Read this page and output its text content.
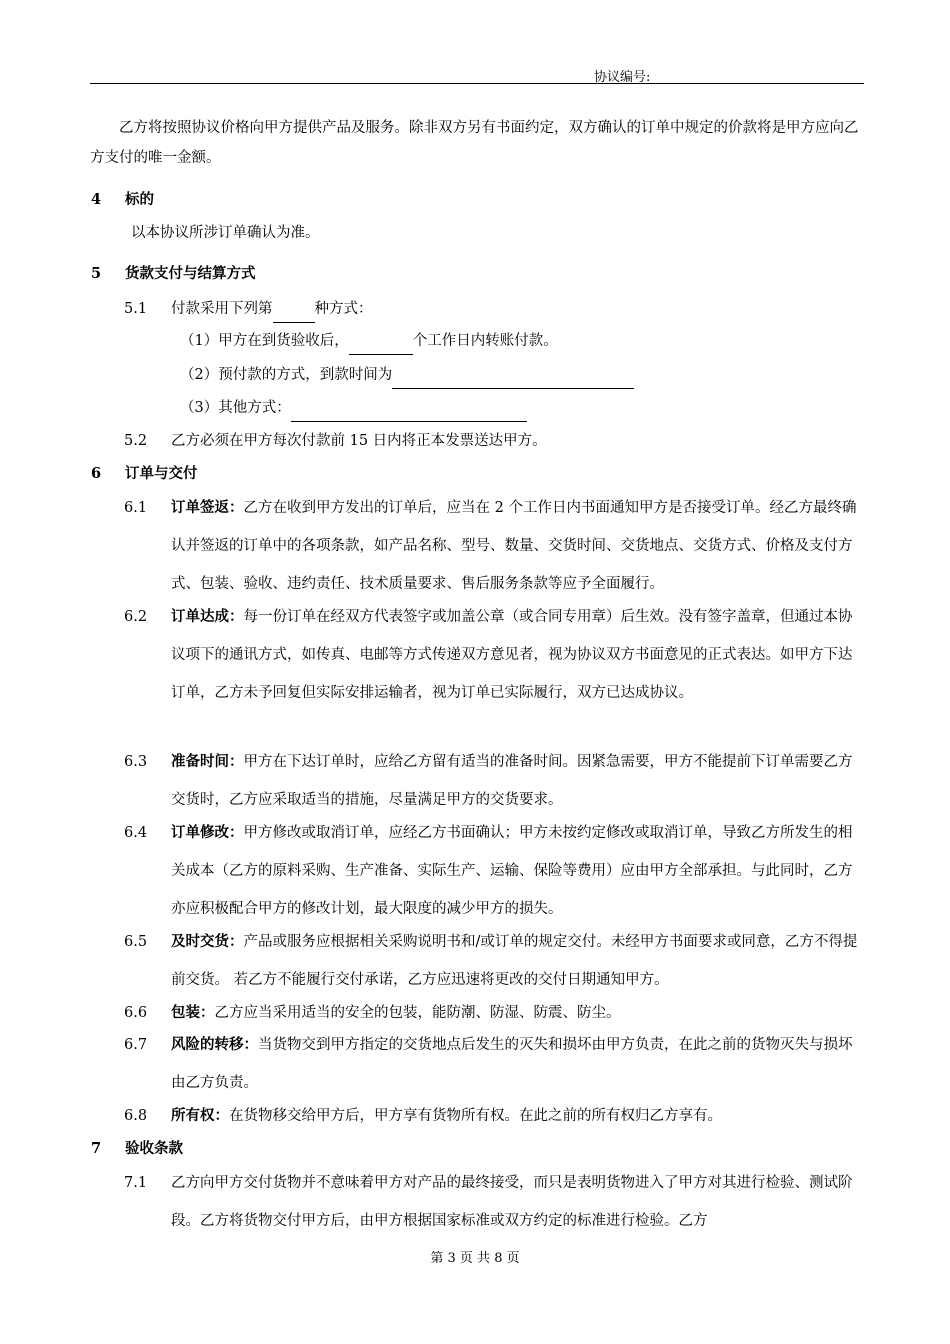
协议编号:
乙方将按照协议价格向甲方提供产品及服务。除非双方另有书面约定，双方确认的订单中规定的价款将是甲方应向乙方支付的唯一金额。
4 标的
以本协议所涉订单确认为准。
5 货款支付与结算方式
5.1 付款采用下列第	种方式：
（1）甲方在到货验收后，	个工作日内转账付款。
（2）预付款的方式，到款时间为
（3）其他方式：
5.2 乙方必须在甲方每次付款前 15 日内将正本发票送达甲方。
6 订单与交付
6.1 订单签返：乙方在收到甲方发出的订单后，应当在 2 个工作日内书面通知甲方是否接受订单。经乙方最终确认并签返的订单中的各项条款，如产品名称、型号、数量、交货时间、交货地点、交货方式、价格及支付方式、包装、验收、违约责任、技术质量要求、售后服务条款等应予全面履行。
6.2 订单达成：每一份订单在经双方代表签字或加盖公章（或合同专用章）后生效。没有签字盖章，但通过本协议项下的通讯方式，如传真、电邮等方式传递双方意见者，视为协议双方书面意见的正式表达。如甲方下达订单，乙方未予回复但实际安排运输者，视为订单已实际履行，双方已达成协议。
6.3 准备时间：甲方在下达订单时，应给乙方留有适当的准备时间。因紧急需要，甲方不能提前下订单需要乙方交货时，乙方应采取适当的措施，尽量满足甲方的交货要求。
6.4 订单修改：甲方修改或取消订单，应经乙方书面确认；甲方未按约定修改或取消订单，导致乙方所发生的相关成本（乙方的原料采购、生产准备、实际生产、运输、保险等费用）应由甲方全部承担。与此同时，乙方亦应积极配合甲方的修改计划，最大限度的减少甲方的损失。
6.5 及时交货：产品或服务应根据相关采购说明书和/或订单的规定交付。未经甲方书面要求或同意，乙方不得提前交货。 若乙方不能履行交付承诺，乙方应迅速将更改的交付日期通知甲方。
6.6 包装：乙方应当采用适当的安全的包装，能防潮、防湿、防震、防尘。
6.7 风险的转移：当货物交到甲方指定的交货地点后发生的灭失和损坏由甲方负责，在此之前的货物灭失与损坏由乙方负责。
6.8 所有权：在货物移交给甲方后，甲方享有货物所有权。在此之前的所有权归乙方享有。
7 验收条款
7.1 乙方向甲方交付货物并不意味着甲方对产品的最终接受，而只是表明货物进入了甲方对其进行检验、测试阶段。乙方将货物交付甲方后，由甲方根据国家标准或双方约定的标准进行检验。乙方
第 3 页 共 8 页
